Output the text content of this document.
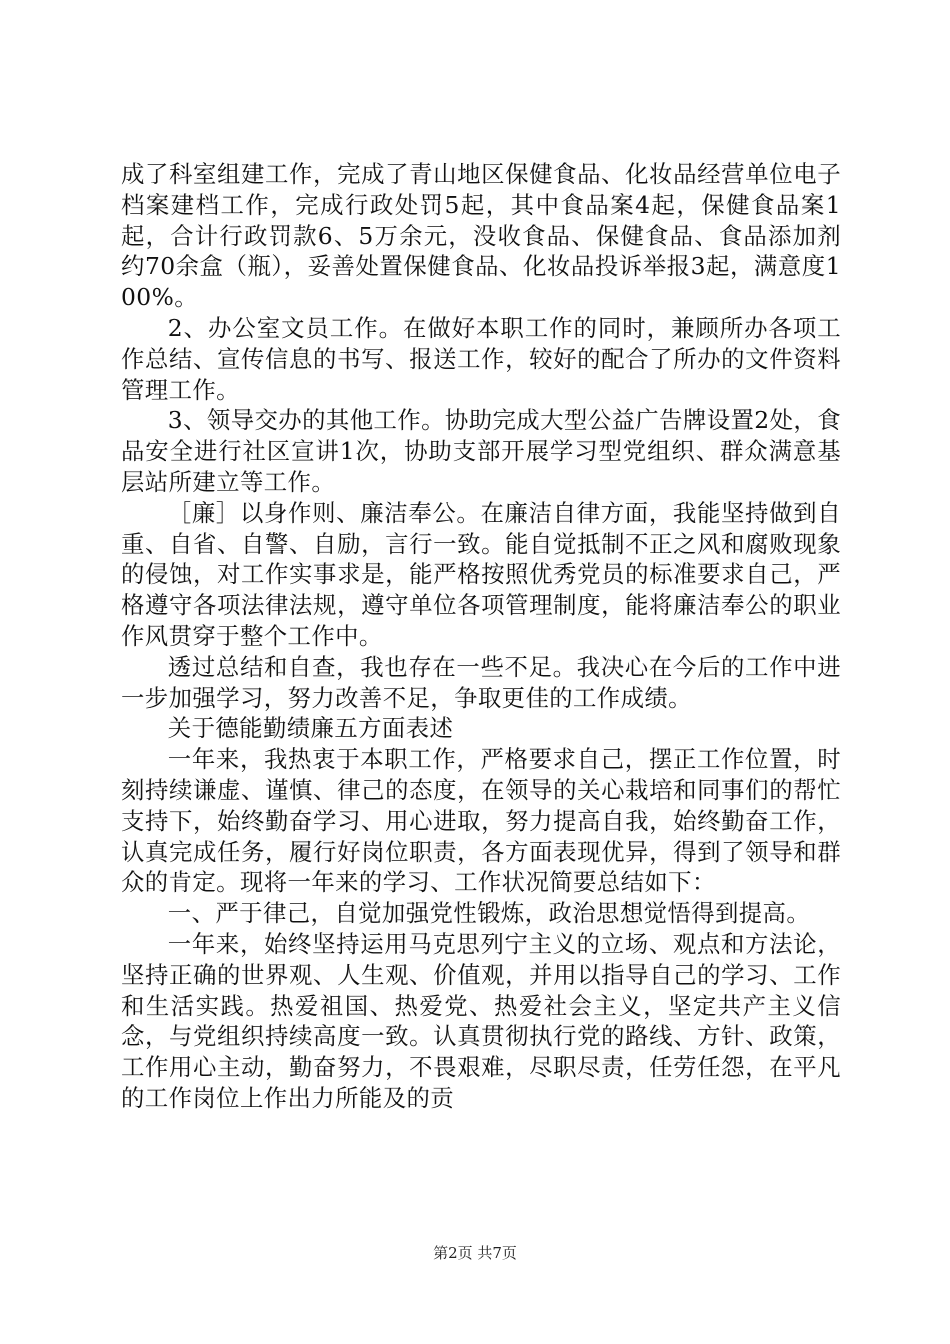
成了科室组建工作，完成了青山地区保健食品、化妆品经营单位电子档案建档工作，完成行政处罚5起，其中食品案4起，保健食品案1起，合计行政罚款6、5万余元，没收食品、保健食品、食品添加剂约70余盒（瓶），妥善处置保健食品、化妆品投诉举报3起，满意度100%。

2、办公室文员工作。在做好本职工作的同时，兼顾所办各项工作总结、宣传信息的书写、报送工作，较好的配合了所办的文件资料管理工作。

3、领导交办的其他工作。协助完成大型公益广告牌设置2处，食品安全进行社区宣讲1次，协助支部开展学习型党组织、群众满意基层站所建立等工作。

［廉］以身作则、廉洁奉公。在廉洁自律方面，我能坚持做到自重、自省、自警、自励，言行一致。能自觉抵制不正之风和腐败现象的侵蚀，对工作实事求是，能严格按照优秀党员的标准要求自己，严格遵守各项法律法规，遵守单位各项管理制度，能将廉洁奉公的职业作风贯穿于整个工作中。

透过总结和自查，我也存在一些不足。我决心在今后的工作中进一步加强学习，努力改善不足，争取更佳的工作成绩。

关于德能勤绩廉五方面表述

一年来，我热衷于本职工作，严格要求自己，摆正工作位置，时刻持续谦虚、谨慎、律己的态度，在领导的关心栽培和同事们的帮忙支持下，始终勤奋学习、用心进取，努力提高自我，始终勤奋工作，认真完成任务，履行好岗位职责，各方面表现优异，得到了领导和群众的肯定。现将一年来的学习、工作状况简要总结如下：

一、严于律己，自觉加强党性锻炼，政治思想觉悟得到提高。

一年来，始终坚持运用马克思列宁主义的立场、观点和方法论，坚持正确的世界观、人生观、价值观，并用以指导自己的学习、工作和生活实践。热爱祖国、热爱党、热爱社会主义，坚定共产主义信念，与党组织持续高度一致。认真贯彻执行党的路线、方针、政策，工作用心主动，勤奋努力，不畏艰难，尽职尽责，任劳任怨，在平凡的工作岗位上作出力所能及的贡

第2页 共7页
